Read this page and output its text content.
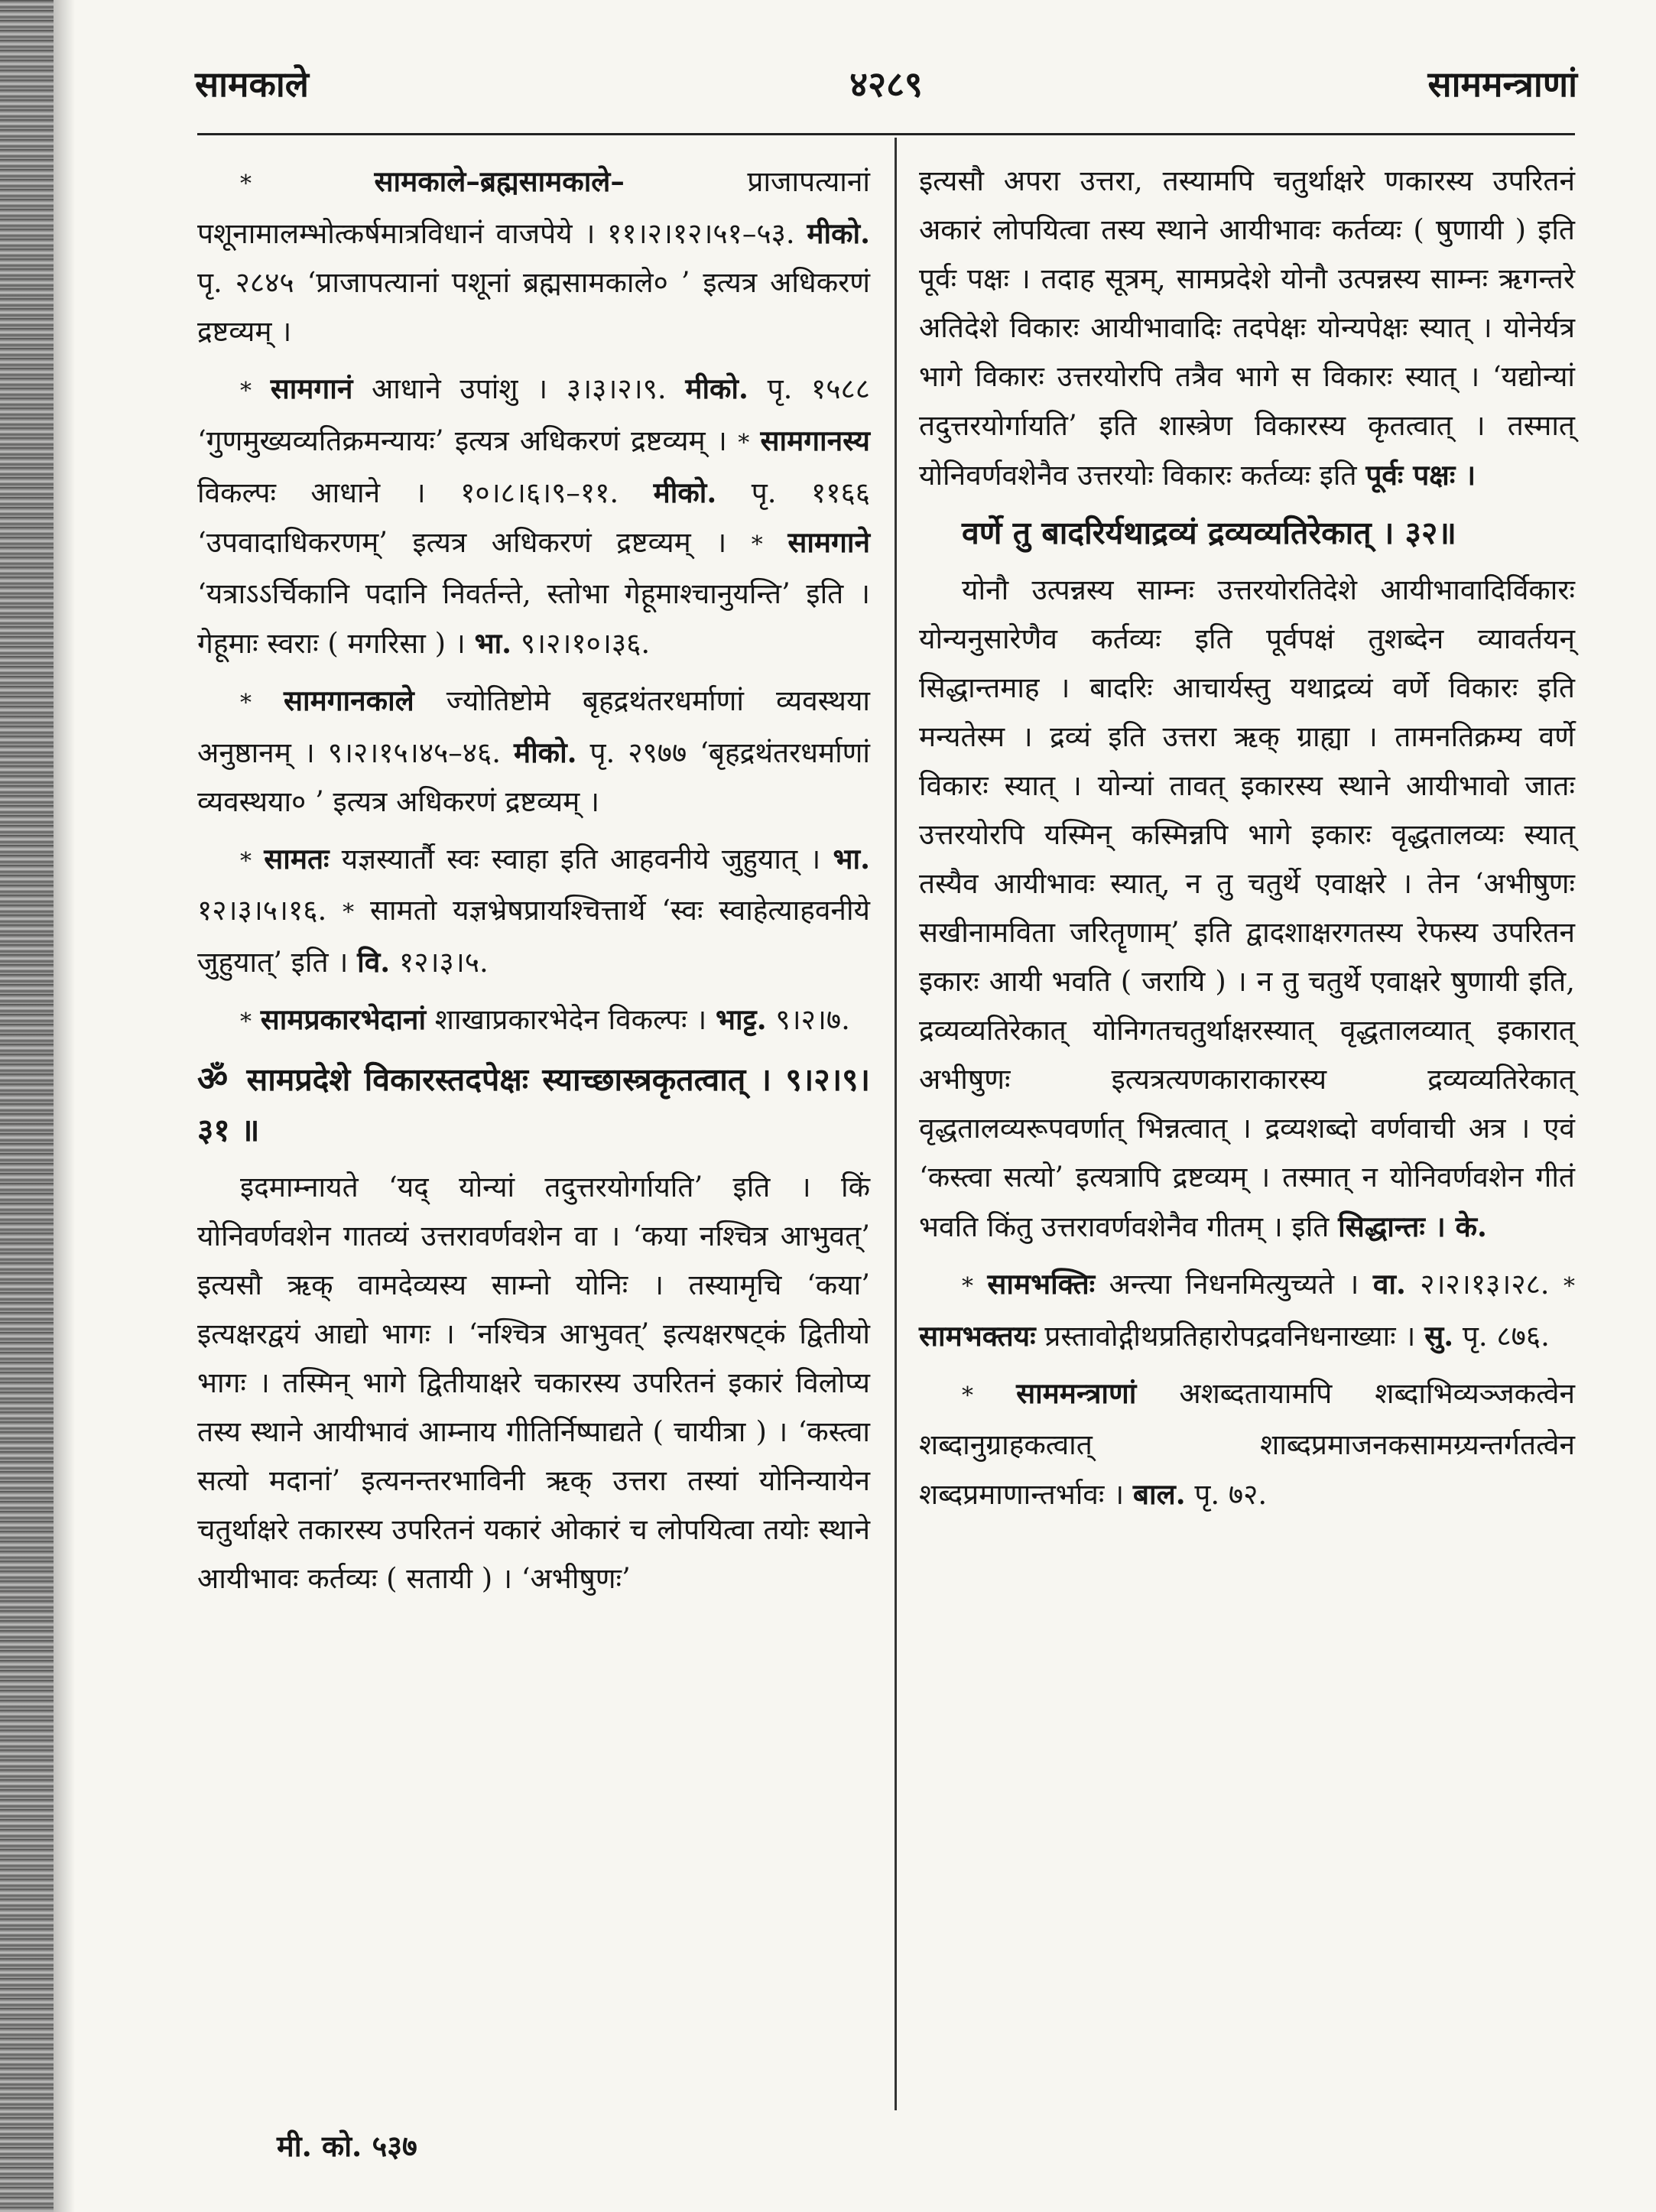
सामकाले	४२८९	साममन्त्राणां

*	सामकाले–ब्रह्मसामकाले–	प्राजापत्यानां पशूनामालम्भोत्कर्षमात्रविधानं वाजपेये । ११।२।१२।५१–५३. मीको. पृ. २८४५ ‘प्राजापत्यानां पशूनां ब्रह्मसामकाले० ’ इत्यत्र अधिकरणं द्रष्टव्यम् ।

* सामगानं आधाने उपांशु । ३।३।२।९. मीको. पृ. १५८८ ‘गुणमुख्यव्यतिक्रमन्यायः’ इत्यत्र अधिकरणं द्रष्टव्यम् । * सामगानस्य विकल्पः आधाने । १०।८।६।९–११. मीको. पृ. ११६६ ‘उपवादाधिकरणम्’ इत्यत्र अधिकरणं द्रष्टव्यम् । * सामगाने ‘यत्राऽऽर्चिकानि पदानि निवर्तन्ते, स्तोभा गेहूमाश्चानुयन्ति’ इति । गेहूमाः स्वराः ( मगरिसा ) । भा. ९।२।१०।३६.

* सामगानकाले ज्योतिष्टोमे बृहद्रथंतरधर्माणां व्यवस्थया अनुष्ठानम् । ९।२।१५।४५–४६. मीको. पृ. २९७७ ‘बृहद्रथंतरधर्माणां व्यवस्थया० ’ इत्यत्र अधिकरणं द्रष्टव्यम् ।

* सामतः यज्ञस्यार्तौ स्वः स्वाहा इति आहवनीये जुहुयात् । भा. १२।३।५।१६. * सामतो यज्ञभ्रेषप्रायश्चित्तार्थे ‘स्वः स्वाहेत्याहवनीये जुहुयात्’ इति । वि. १२।३।५.

* सामप्रकारभेदानां शाखाप्रकारभेदेन विकल्पः । भाट्ट. ९।२।७.

ॐ सामप्रदेशे विकारस्तदपेक्षः स्याच्छास्त्रकृतत्वात् । ९।२।९।३१ ॥

इदमाम्नायते ‘यद् योन्यां तदुत्तरयोर्गायति’ इति । किं योनिवर्णवशेन गातव्यं उत्तरावर्णवशेन वा । ‘कया नश्चित्र आभुवत्’ इत्यसौ ऋक् वामदेव्यस्य साम्नो योनिः । तस्यामृचि ‘कया’ इत्यक्षरद्वयं आद्यो भागः । ‘नश्चित्र आभुवत्’ इत्यक्षरषट्कं द्वितीयो भागः । तस्मिन् भागे द्वितीयाक्षरे चकारस्य उपरितनं इकारं विलोप्य तस्य स्थाने आयीभावं आम्नाय गीतिर्निष्पाद्यते ( चायीत्रा ) । ‘कस्त्वा सत्यो मदानां’ इत्यनन्तरभाविनी ऋक् उत्तरा तस्यां योनिन्यायेन चतुर्थाक्षरे तकारस्य उपरितनं यकारं ओकारं च लोपयित्वा तयोः स्थाने आयीभावः कर्तव्यः ( सतायी ) । ‘अभीषुणः’

इत्यसौ अपरा उत्तरा, तस्यामपि चतुर्थाक्षरे णकारस्य उपरितनं अकारं लोपयित्वा तस्य स्थाने आयीभावः कर्तव्यः ( षुणायी ) इति पूर्वः पक्षः । तदाह सूत्रम्, सामप्रदेशे योनौ उत्पन्नस्य साम्नः ऋगन्तरे अतिदेशे विकारः आयीभावादिः तदपेक्षः योन्यपेक्षः स्यात् । योनेर्यत्र भागे विकारः उत्तरयोरपि तत्रैव भागे स विकारः स्यात् । ‘यद्योन्यां तदुत्तरयोर्गायति’ इति शास्त्रेण विकारस्य कृतत्वात् । तस्मात् योनिवर्णवशेनैव उत्तरयोः विकारः कर्तव्यः इति पूर्वः पक्षः ।

वर्णे तु बादरिर्यथाद्रव्यं द्रव्यव्यतिरेकात् । ३२॥

योनौ उत्पन्नस्य साम्नः उत्तरयोरतिदेशे आयीभावादिर्विकारः योन्यनुसारेणैव कर्तव्यः इति पूर्वपक्षं तुशब्देन व्यावर्तयन् सिद्धान्तमाह । बादरिः आचार्यस्तु यथाद्रव्यं वर्णे विकारः इति मन्यतेस्म । द्रव्यं इति उत्तरा ऋक् ग्राह्या । तामनतिक्रम्य वर्णे विकारः स्यात् । योन्यां तावत् इकारस्य स्थाने आयीभावो जातः उत्तरयोरपि यस्मिन् कस्मिन्नपि भागे इकारः वृद्धतालव्यः स्यात् तस्यैव आयीभावः स्यात्, न तु चतुर्थे एवाक्षरे । तेन ‘अभीषुणः सखीनामविता जरितॄणाम्’ इति द्वादशाक्षरगतस्य रेफस्य उपरितन इकारः आयी भवति ( जरायि ) । न तु चतुर्थे एवाक्षरे षुणायी इति, द्रव्यव्यतिरेकात् योनिगतचतुर्थाक्षरस्यात् वृद्धतालव्यात् इकारात् अभीषुणः इत्यत्रत्यणकाराकारस्य द्रव्यव्यतिरेकात् वृद्धतालव्यरूपवर्णात् भिन्नत्वात् । द्रव्यशब्दो वर्णवाची अत्र । एवं ‘कस्त्वा सत्यो’ इत्यत्रापि द्रष्टव्यम् । तस्मात् न योनिवर्णवशेन गीतं भवति किंतु उत्तरावर्णवशेनैव गीतम् । इति सिद्धान्तः । के.

* सामभक्तिः अन्त्या निधनमित्युच्यते । वा. २।२।१३।२८. * सामभक्तयः प्रस्तावोद्गीथप्रतिहारोपद्रवनिधनाख्याः । सु. पृ. ८७६.

* साममन्त्राणां अशब्दतायामपि शब्दाभिव्यञ्जकत्वेन शब्दानुग्राहकत्वात् शाब्दप्रमाजनकसामग्र्यन्तर्गतत्वेन शब्दप्रमाणान्तर्भावः । बाल. पृ. ७२.

मी. को. ५३७
